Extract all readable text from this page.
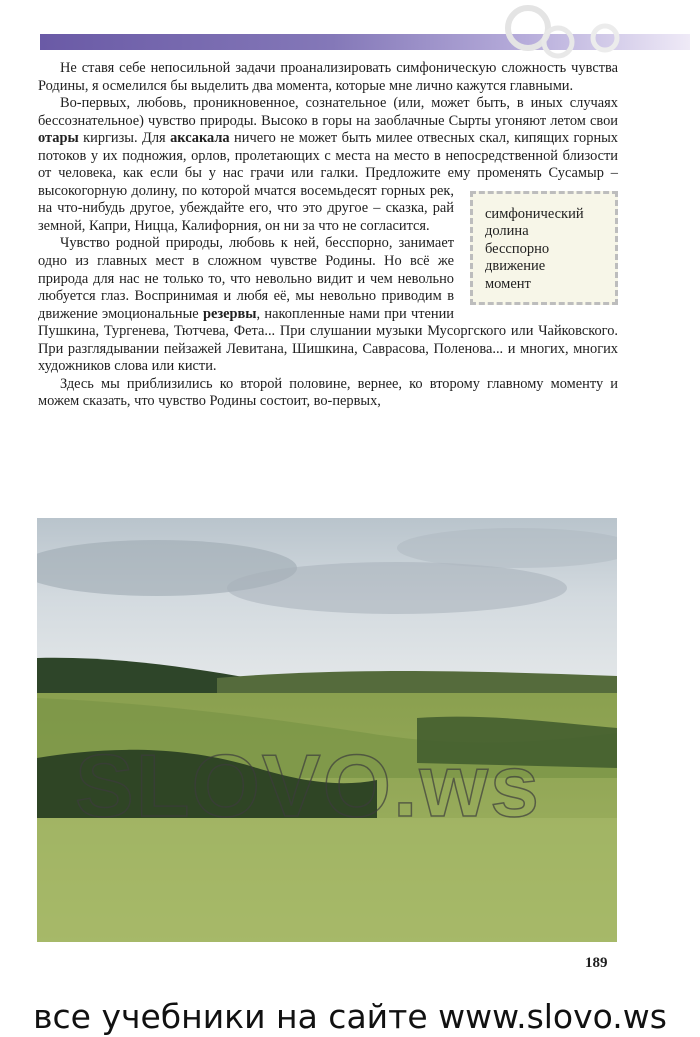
Не ставя себе непосильной задачи проанализировать симфоническую сложность чувства Родины, я осмелился бы выделить два момента, которые мне лично кажутся главными.

Во-первых, любовь, проникновенное, сознательное (или, может быть, в иных случаях бессознательное) чувство природы. Высоко в горы на заоблачные Сырты угоняют летом свои отары киргизы. Для аксакала ничего не может быть милее отвесных скал, кипящих горных потоков у их подножия, орлов, пролетающих с места на место в непосредственной близости от человека, как если бы у нас грачи или галки. Предложите ему променять Сусамыр – высокогорную долину, по которой
симфонический
долина
бесспорно
движение
момент
мчатся восемьдесят горных рек, на что-нибудь другое, убеждайте его, что это другое – сказка, рай земной, Капри, Ницца, Калифорния, он ни за что не согласится.

Чувство родной природы, любовь к ней, бесспорно, занимает одно из главных мест в сложном чувстве Родины. Но всё же природа для нас не только то, что невольно видит и чем невольно любуется глаз. Воспринимая и любя её, мы невольно приводим в движение эмоциональные резервы, накопленные нами при чтении Пушкина, Тургенева, Тютчева, Фета... При слушании музыки Мусоргского или Чайковского. При разглядывании пейзажей Левитана, Шишкина, Саврасова, Поленова... и многих, многих художников слова или кисти.

Здесь мы приблизились ко второй половине, вернее, ко второму главному моменту и можем сказать, что чувство Родины состоит, во-первых,

SLOVO.ws
189
все учебники на сайте www.slovo.ws
